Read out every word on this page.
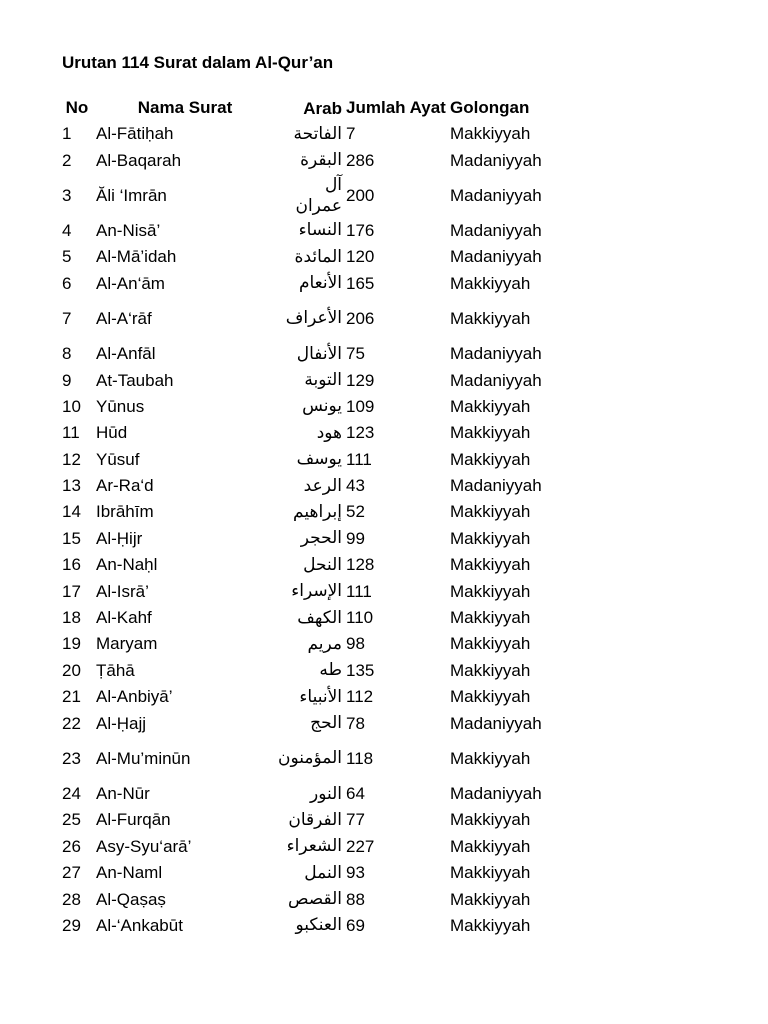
Urutan 114 Surat dalam Al-Qur’an
No	Nama Surat	Arab	Jumlah Ayat	Golongan
1	Al-Fātiḥah	الفاتحة	7	Makkiyyah
2	Al-Baqarah	البقرة	286	Madaniyyah
3	Ăli ‘Imrān	آل عمران	200	Madaniyyah
4	An-Nisā’	النساء	176	Madaniyyah
5	Al-Mā’idah	المائدة	120	Madaniyyah
6	Al-An‘ām	الأنعام	165	Makkiyyah
7	Al-A‘rāf	الأعراف	206	Makkiyyah
8	Al-Anfāl	الأنفال	75	Madaniyyah
9	At-Taubah	التوبة	129	Madaniyyah
10	Yūnus	يونس	109	Makkiyyah
11	Hūd	هود	123	Makkiyyah
12	Yūsuf	يوسف	111	Makkiyyah
13	Ar-Ra‘d	الرعد	43	Madaniyyah
14	Ibrāhīm	إبراهيم	52	Makkiyyah
15	Al-Ḥijr	الحجر	99	Makkiyyah
16	An-Naḥl	النحل	128	Makkiyyah
17	Al-Isrā’	الإسراء	111	Makkiyyah
18	Al-Kahf	الكهف	110	Makkiyyah
19	Maryam	مريم	98	Makkiyyah
20	Ṭāhā	طه	135	Makkiyyah
21	Al-Anbiyā’	الأنبياء	112	Makkiyyah
22	Al-Ḥajj	الحج	78	Madaniyyah
23	Al-Mu’minūn	المؤمنون	118	Makkiyyah
24	An-Nūr	النور	64	Madaniyyah
25	Al-Furqān	الفرقان	77	Makkiyyah
26	Asy-Syu‘arā’	الشعراء	227	Makkiyyah
27	An-Naml	النمل	93	Makkiyyah
28	Al-Qaṣaṣ	القصص	88	Makkiyyah
29	Al-‘Ankabūt	العنكبو	69	Makkiyyah
